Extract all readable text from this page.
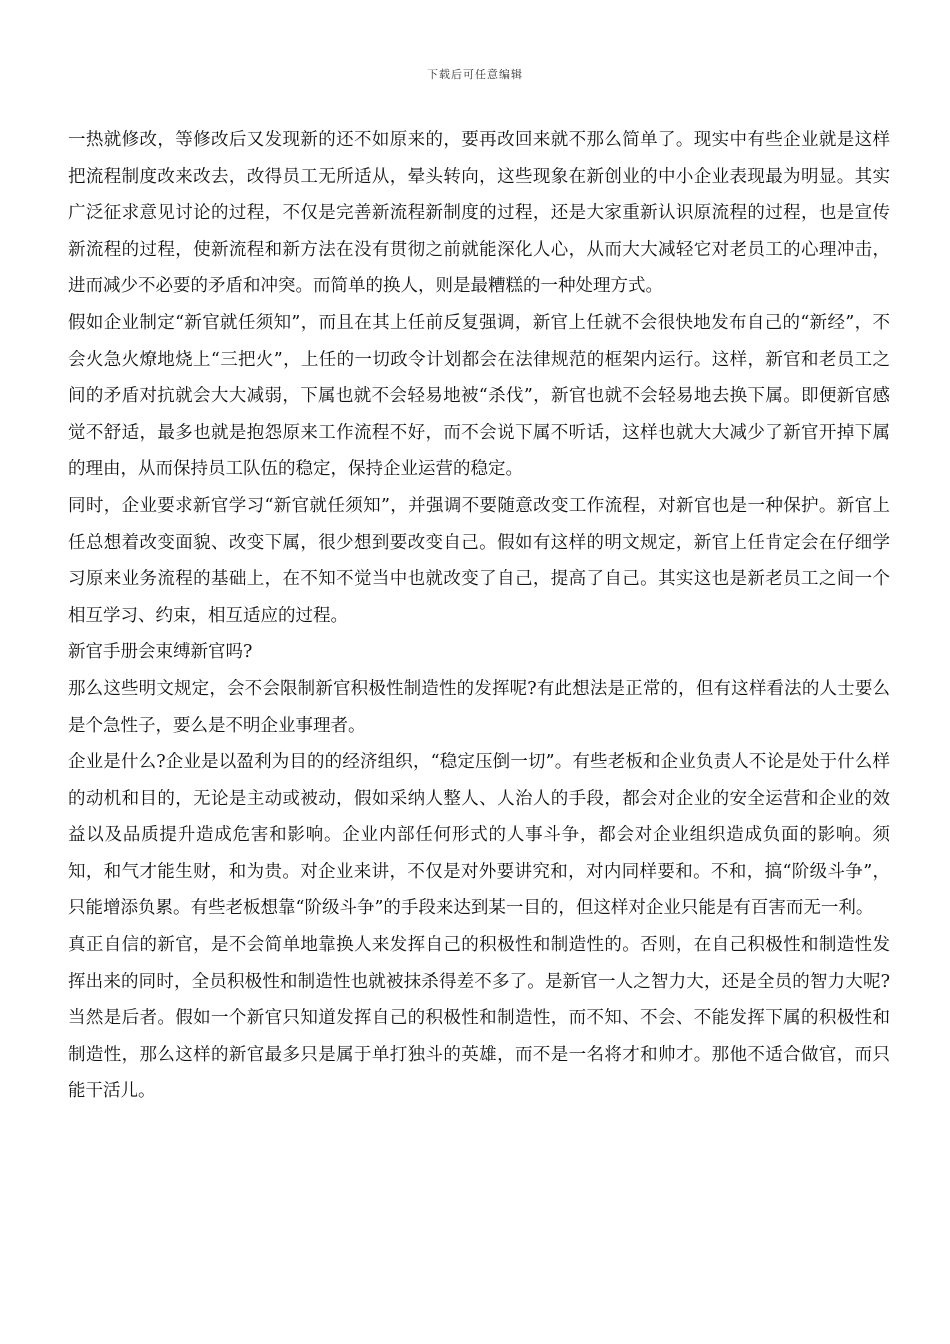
下载后可任意编辑

一热就修改，等修改后又发现新的还不如原来的，要再改回来就不那么简单了。现实中有些企业就是这样把流程制度改来改去，改得员工无所适从，晕头转向，这些现象在新创业的中小企业表现最为明显。其实广泛征求意见讨论的过程，不仅是完善新流程新制度的过程，还是大家重新认识原流程的过程，也是宣传新流程的过程，使新流程和新方法在没有贯彻之前就能深化人心，从而大大减轻它对老员工的心理冲击，进而减少不必要的矛盾和冲突。而简单的换人，则是最糟糕的一种处理方式。

假如企业制定“新官就任须知”，而且在其上任前反复强调，新官上任就不会很快地发布自己的“新经”，不会火急火燎地烧上“三把火”，上任的一切政令计划都会在法律规范的框架内运行。这样，新官和老员工之间的矛盾对抗就会大大减弱，下属也就不会轻易地被“杀伐”，新官也就不会轻易地去换下属。即便新官感觉不舒适，最多也就是抱怨原来工作流程不好，而不会说下属不听话，这样也就大大减少了新官开掉下属的理由，从而保持员工队伍的稳定，保持企业运营的稳定。

同时，企业要求新官学习“新官就任须知”，并强调不要随意改变工作流程，对新官也是一种保护。新官上任总想着改变面貌、改变下属，很少想到要改变自己。假如有这样的明文规定，新官上任肯定会在仔细学习原来业务流程的基础上，在不知不觉当中也就改变了自己，提高了自己。其实这也是新老员工之间一个相互学习、约束，相互适应的过程。

新官手册会束缚新官吗?

那么这些明文规定，会不会限制新官积极性制造性的发挥呢?有此想法是正常的，但有这样看法的人士要么是个急性子，要么是不明企业事理者。

企业是什么?企业是以盈利为目的的经济组织，“稳定压倒一切”。有些老板和企业负责人不论是处于什么样的动机和目的，无论是主动或被动，假如采纳人整人、人治人的手段，都会对企业的安全运营和企业的效益以及品质提升造成危害和影响。企业内部任何形式的人事斗争，都会对企业组织造成负面的影响。须知，和气才能生财，和为贵。对企业来讲，不仅是对外要讲究和，对内同样要和。不和，搞“阶级斗争”，只能增添负累。有些老板想靠“阶级斗争”的手段来达到某一目的，但这样对企业只能是有百害而无一利。

真正自信的新官，是不会简单地靠换人来发挥自己的积极性和制造性的。否则，在自己积极性和制造性发挥出来的同时，全员积极性和制造性也就被抹杀得差不多了。是新官一人之智力大，还是全员的智力大呢?当然是后者。假如一个新官只知道发挥自己的积极性和制造性，而不知、不会、不能发挥下属的积极性和制造性，那么这样的新官最多只是属于单打独斗的英雄，而不是一名将才和帅才。那他不适合做官，而只能干活儿。
